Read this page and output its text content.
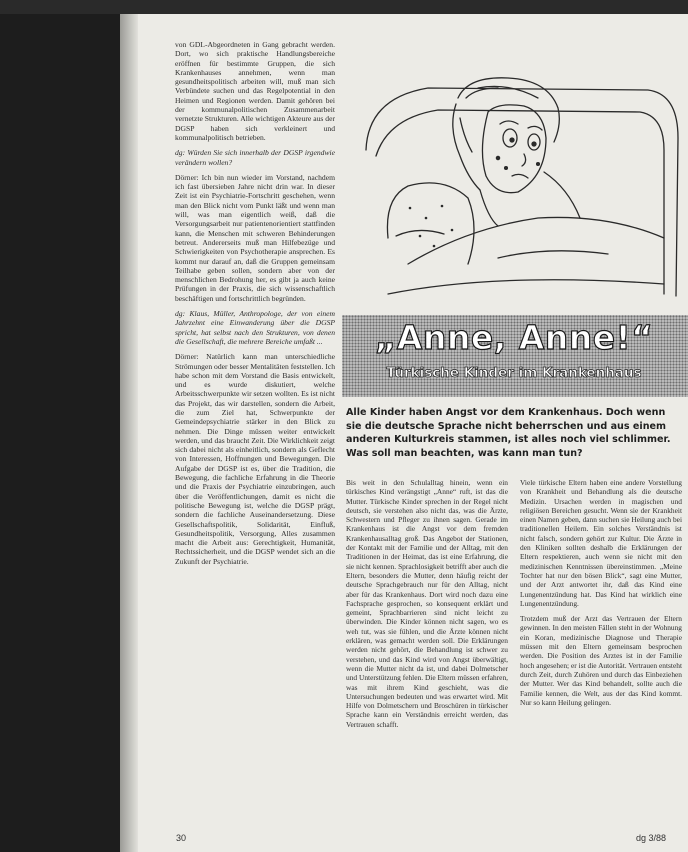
von GDL-Abgeordneten in Gang gebracht werden. Dort, wo sich praktische Handlungsbereiche eröffnen für bestimmte Gruppen, die sich Krankenhauses annehmen, wenn man gesundheitspolitisch arbeiten will, muß man sich Verbündete suchen und das Regelpotential in den Heimen und Regionen werden. Damit gehören bei der kommunalpolitischen Zusammenarbeit vernetzte Strukturen. Alle wichtigen Akteure aus der DGSP haben sich verkleinert und kommunalpolitisch betrieben.

dg: Würden Sie sich innerhalb der DGSP irgendwie verändern wollen?

Dörner: Ich bin nun wieder im Vorstand, nachdem ich fast übersieben Jahre nicht drin war. In dieser Zeit ist ein Psychiatrie-Fortschritt geschehen, wenn man den Blick nicht vom Punkt läßt und wenn man will, was man eigentlich weiß, daß die Versorgungsarbeit nur patientenorientiert stattfinden kann, die Menschen mit schweren Behinderungen betreut. Andererseits muß man Hilfebezüge und Schwierigkeiten von Psychotherapie ansprechen. Es kommt nur darauf an, daß die Gruppen gemeinsam Teilhabe geben sollen, sondern aber von der menschlichen Bedrohung her, es gibt ja auch keine Prüfungen in der Praxis, die sich wissenschaftlich beschäftigen und fortschrittlich begründen.

dg: Klaus, Müller, Anthropologe, der von einem Jahrzehnt eine Einwanderung über die DGSP spricht, hat selbst nach den Strukturen, von denen die Gesellschaft, die mehrere Bereiche umfaßt ...

Dörner: Natürlich kann man unterschiedliche Strömungen oder besser Mentalitäten feststellen. Ich habe schon mit dem Vorstand die Basis entwickelt, und es wurde diskutiert, welche Arbeitsschwerpunkte wir setzen wollten. Es ist nicht das Projekt, das wir darstellen, sondern die Arbeit, die zum Ziel hat, Schwerpunkte der Gemeindepsychiatrie stärker in den Blick zu nehmen. Die Dinge müssen weiter entwickelt werden, und das braucht Zeit. Die Wirklichkeit zeigt sich dabei nicht als einheitlich, sondern als Geflecht von Interessen, Hoffnungen und Bewegungen. Die Aufgabe der DGSP ist es, über die Tradition, die Bewegung, die fachliche Erfahrung in die Theorie und die Praxis der Psychiatrie einzubringen, auch über die Veröffentlichungen, damit es nicht die politische Bewegung ist, welche die DGSP prägt, sondern die fachliche Auseinandersetzung. Diese Gesellschaftspolitik, Solidarität, Einfluß, Gesundheitspolitik, Versorgung, Alles zusammen macht die Arbeit aus: Gerechtigkeit, Humanität, Rechtssicherheit, und die DGSP wendet sich an die Zukunft der Psychiatrie.

„Anne, Anne!“
Türkische Kinder im Krankenhaus
Alle Kinder haben Angst vor dem Krankenhaus. Doch wenn sie die deutsche Sprache nicht beherrschen und aus einem anderen Kulturkreis stammen, ist alles noch viel schlimmer. Was soll man beachten, was kann man tun?

Bis weit in den Schulalltag hinein, wenn ein türkisches Kind verängstigt „Anne“ ruft, ist das die Mutter. Türkische Kinder sprechen in der Regel nicht deutsch, sie verstehen also nicht das, was die Ärzte, Schwestern und Pfleger zu ihnen sagen. Gerade im Krankenhaus ist die Angst vor dem fremden Krankenhausalltag groß. Das Angebot der Stationen, der Kontakt mit der Familie und der Alltag, mit den Traditionen in der Heimat, das ist eine Erfahrung, die sie nicht kennen. Sprachlosigkeit betrifft aber auch die Eltern, besonders die Mutter, denn häufig reicht der deutsche Sprachgebrauch nur für den Alltag, nicht aber für das Krankenhaus. Dort wird noch dazu eine Fachsprache gesprochen, so konsequent erklärt und gemeint, Sprachbarrieren sind nicht leicht zu überwinden. Die Kinder können nicht sagen, wo es weh tut, was sie fühlen, und die Ärzte können nicht erklären, was gemacht werden soll. Die Erklärungen werden nicht gehört, die Behandlung ist schwer zu verstehen, und das Kind wird von Angst überwältigt, wenn die Mutter nicht da ist, und dabei Dolmetscher und Unterstützung fehlen. Die Eltern müssen erfahren, was mit ihrem Kind geschieht, was die Untersuchungen bedeuten und was erwartet wird. Mit Hilfe von Dolmetschern und Broschüren in türkischer Sprache kann ein Verständnis erreicht werden, das Vertrauen schafft.

Viele türkische Eltern haben eine andere Vorstellung von Krankheit und Behandlung als die deutsche Medizin. Ursachen werden in magischen und religiösen Bereichen gesucht. Wenn sie der Krankheit einen Namen geben, dann suchen sie Heilung auch bei traditionellen Heilern. Ein solches Verständnis ist nicht falsch, sondern gehört zur Kultur. Die Ärzte in den Kliniken sollten deshalb die Erklärungen der Eltern respektieren, auch wenn sie nicht mit den medizinischen Kenntnissen übereinstimmen. „Meine Tochter hat nur den bösen Blick“, sagt eine Mutter, und der Arzt antwortet ihr, daß das Kind eine Lungenentzündung hat. Das Kind hat wirklich eine Lungenentzündung.

Trotzdem muß der Arzt das Vertrauen der Eltern gewinnen. In den meisten Fällen steht in der Wohnung ein Koran, medizinische Diagnose und Therapie müssen mit den Eltern gemeinsam besprochen werden. Die Position des Arztes ist in der Familie hoch angesehen; er ist die Autorität. Vertrauen entsteht durch Zeit, durch Zuhören und durch das Einbeziehen der Mutter. Wer das Kind behandelt, sollte auch die Familie kennen, die Welt, aus der das Kind kommt. Nur so kann Heilung gelingen.

30	dg 3/88
